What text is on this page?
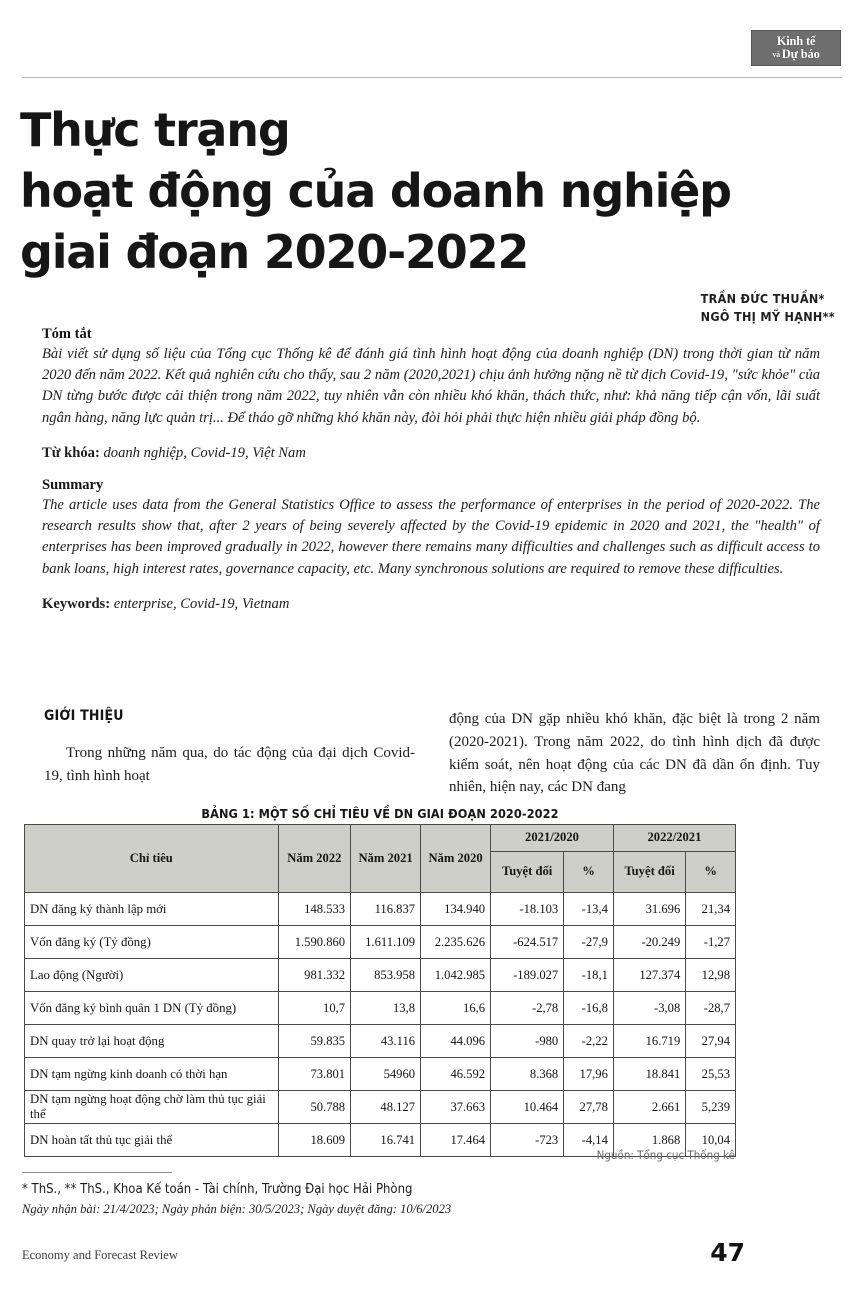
Kinh tế
và Dự báo
Thực trạng
hoạt động của doanh nghiệp
giai đoạn 2020-2022
TRẦN ĐỨC THUẦN*
NGÔ THỊ MỸ HẠNH**
Tóm tắt
Bài viết sử dụng số liệu của Tổng cục Thống kê để đánh giá tình hình hoạt động của doanh nghiệp (DN) trong thời gian từ năm 2020 đến năm 2022. Kết quả nghiên cứu cho thấy, sau 2 năm (2020,2021) chịu ảnh hưởng nặng nề từ dịch Covid-19, "sức khỏe" của DN từng bước được cải thiện trong năm 2022, tuy nhiên vẫn còn nhiều khó khăn, thách thức, như: khả năng tiếp cận vốn, lãi suất ngân hàng, năng lực quản trị... Để tháo gỡ những khó khăn này, đòi hỏi phải thực hiện nhiều giải pháp đồng bộ.
Từ khóa: doanh nghiệp, Covid-19, Việt Nam
Summary
The article uses data from the General Statistics Office to assess the performance of enterprises in the period of 2020-2022. The research results show that, after 2 years of being severely affected by the Covid-19 epidemic in 2020 and 2021, the "health" of enterprises has been improved gradually in 2022, however there remains many difficulties and challenges such as difficult access to bank loans, high interest rates, governance capacity, etc. Many synchronous solutions are required to remove these difficulties.
Keywords: enterprise, Covid-19, Vietnam
GIỚI THIỆU
Trong những năm qua, do tác động của đại dịch Covid-19, tình hình hoạt
động của DN gặp nhiều khó khăn, đặc biệt là trong 2 năm (2020-2021). Trong năm 2022, do tình hình dịch đã được kiểm soát, nên hoạt động của các DN đã dần ổn định. Tuy nhiên, hiện nay, các DN đang
BẢNG 1: MỘT SỐ CHỈ TIÊU VỀ DN GIAI ĐOẠN 2020-2022
Chỉ tiêu	Năm 2022	Năm 2021	Năm 2020	2021/2020		2022/2021	
				Tuyệt đối	%	Tuyệt đối	%
DN đăng ký thành lập mới	148.533	116.837	134.940	-18.103	-13,4	31.696	21,34
Vốn đăng ký (Tỷ đồng)	1.590.860	1.611.109	2.235.626	-624.517	-27,9	-20.249	-1,27
Lao động (Người)	981.332	853.958	1.042.985	-189.027	-18,1	127.374	12,98
Vốn đăng ký bình quân 1 DN (Tỷ đồng)	10,7	13,8	16,6	-2,78	-16,8	-3,08	-28,7
DN quay trở lại hoạt động	59.835	43.116	44.096	-980	-2,22	16.719	27,94
DN tạm ngừng kinh doanh có thời hạn	73.801	54960	46.592	8.368	17,96	18.841	25,53
DN tạm ngừng hoạt động chờ làm thủ tục giải thể	50.788	48.127	37.663	10.464	27,78	2.661	5,239
DN hoàn tất thủ tục giải thể	18.609	16.741	17.464	-723	-4,14	1.868	10,04
Nguồn: Tổng cục Thống kê
* ThS., ** ThS., Khoa Kế toán - Tài chính, Trường Đại học Hải Phòng
Ngày nhận bài: 21/4/2023; Ngày phản biện: 30/5/2023; Ngày duyệt đăng: 10/6/2023
Economy and Forecast Review	47
